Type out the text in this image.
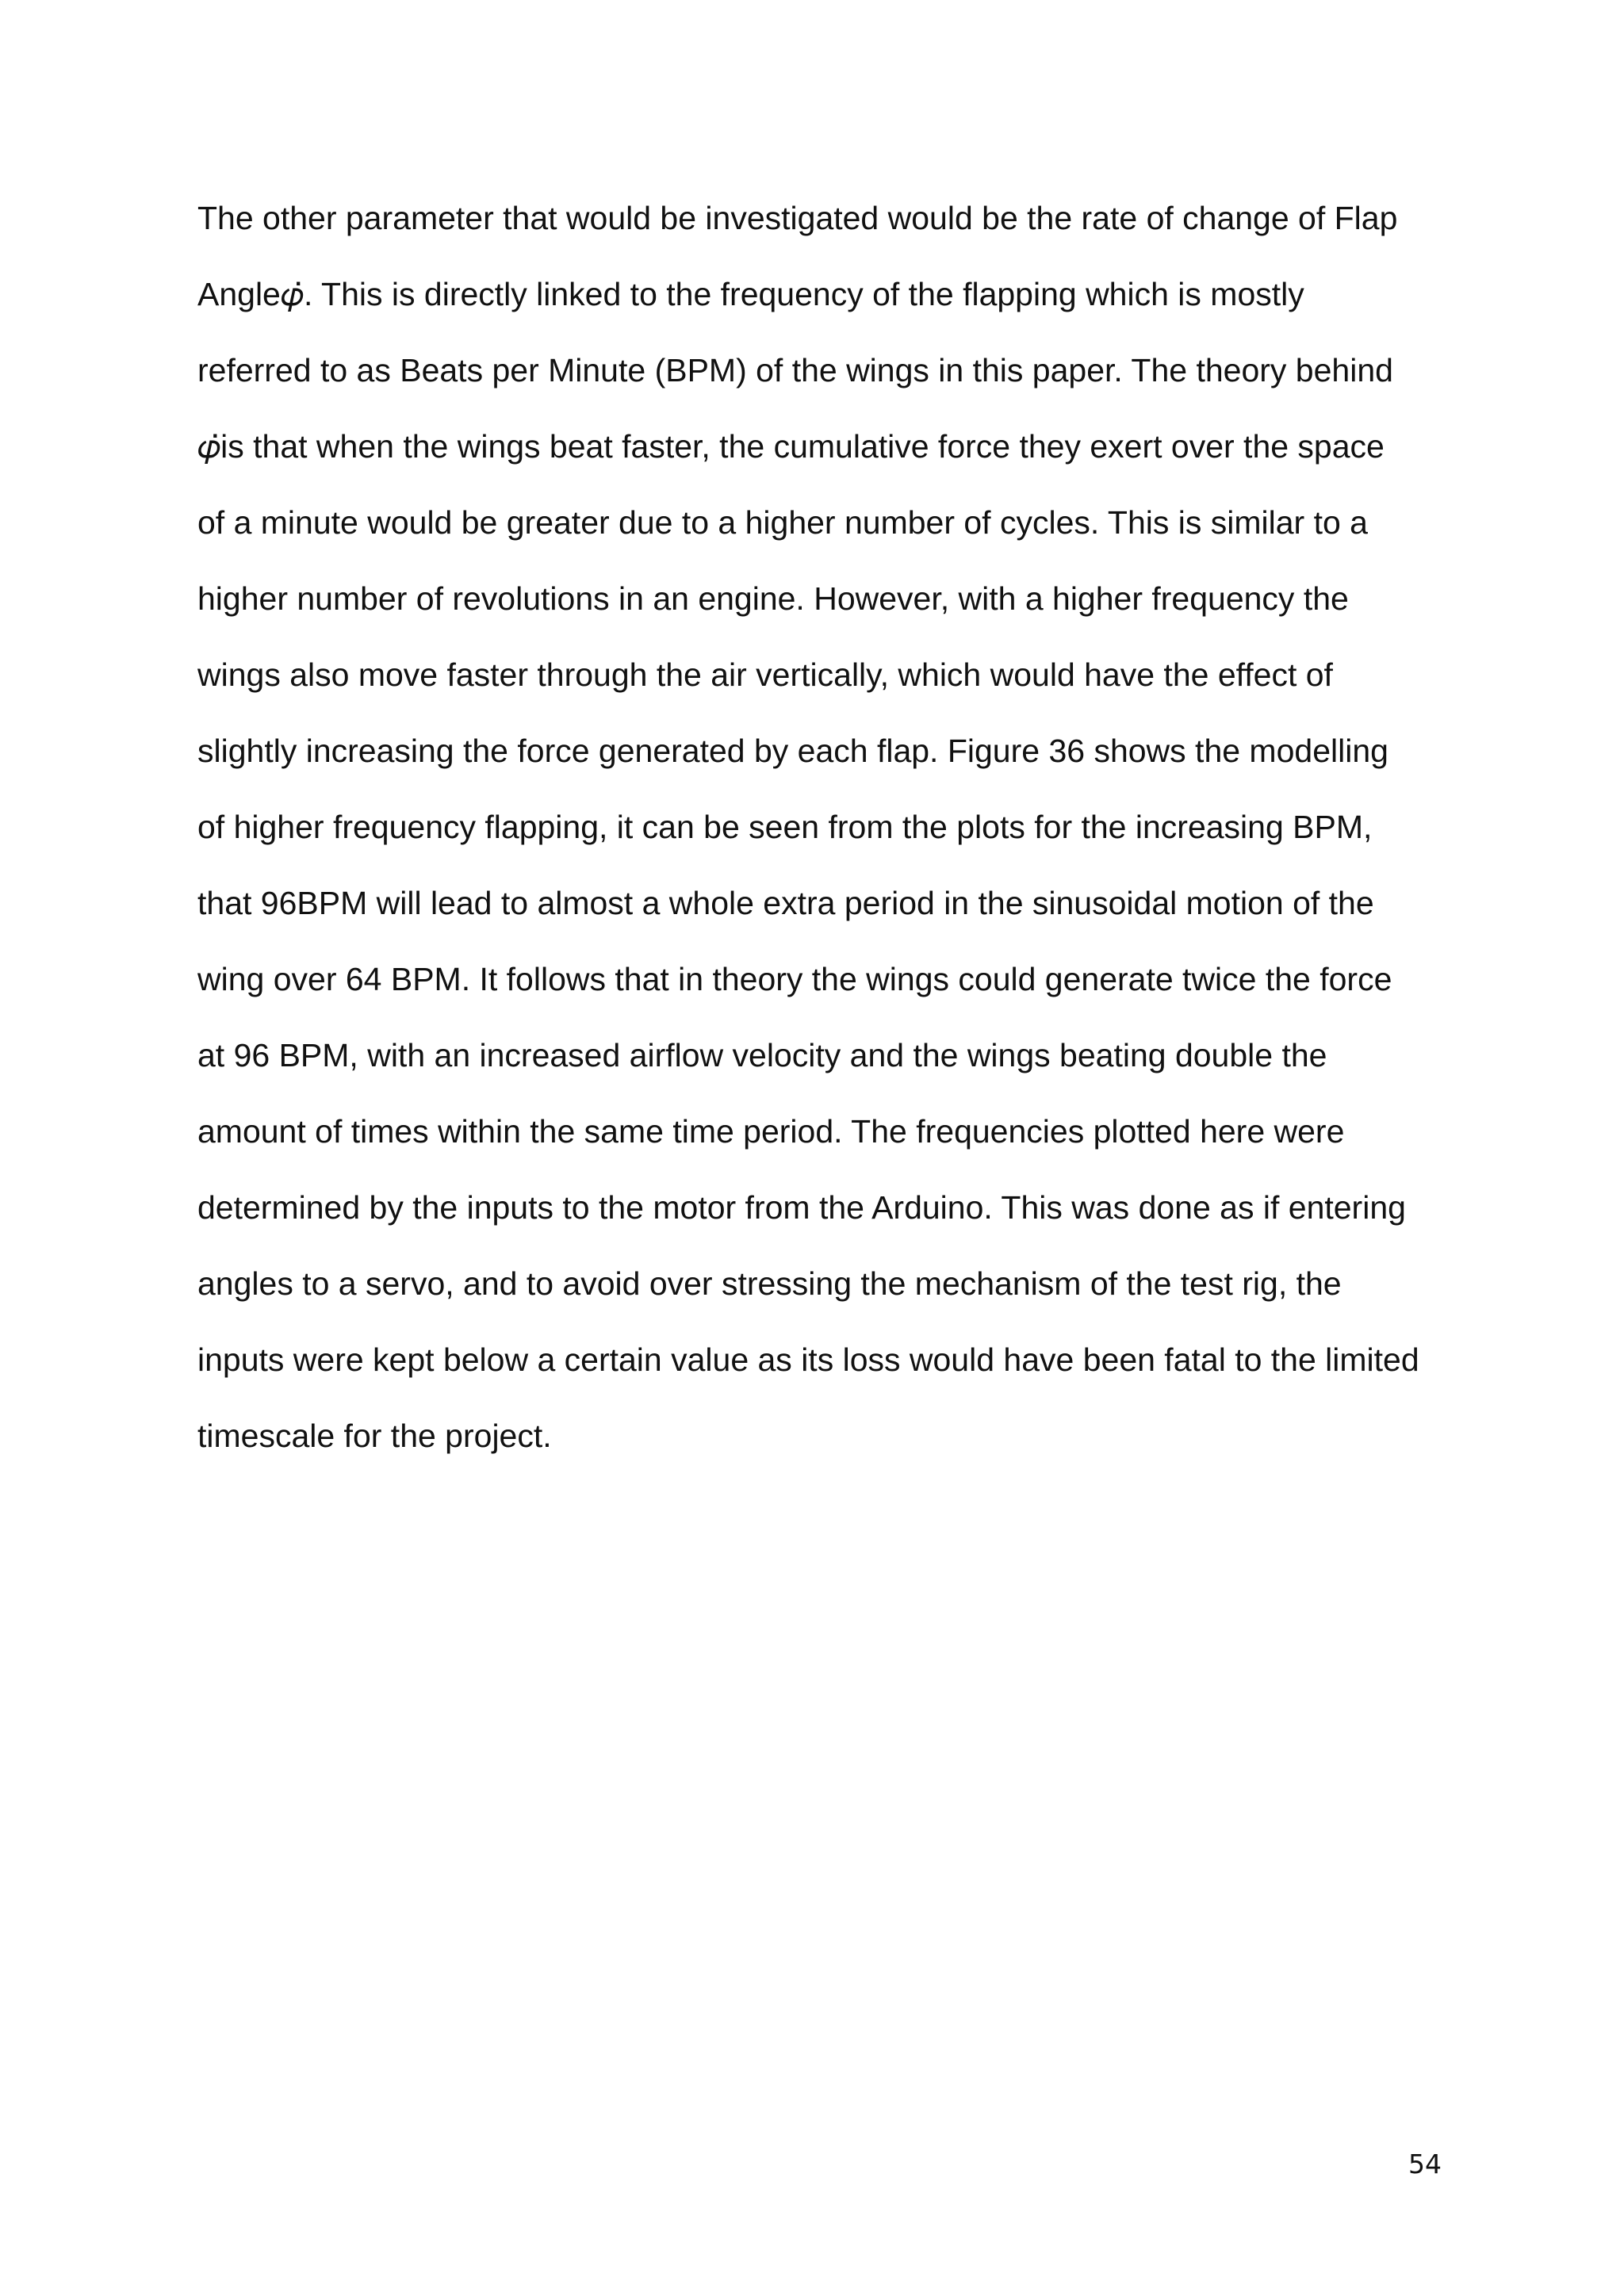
The other parameter that would be investigated would be the rate of change of Flap
Angle𝜑̇. This is directly linked to the frequency of the flapping which is mostly
referred to as Beats per Minute (BPM) of the wings in this paper. The theory behind
𝜑̇is that when the wings beat faster, the cumulative force they exert over the space
of a minute would be greater due to a higher number of cycles. This is similar to a
higher number of revolutions in an engine. However, with a higher frequency the
wings also move faster through the air vertically, which would have the effect of
slightly increasing the force generated by each flap. Figure 36 shows the modelling
of higher frequency flapping, it can be seen from the plots for the increasing BPM,
that 96BPM will lead to almost a whole extra period in the sinusoidal motion of the
wing over 64 BPM. It follows that in theory the wings could generate twice the force
at 96 BPM, with an increased airflow velocity and the wings beating double the
amount of times within the same time period. The frequencies plotted here were
determined by the inputs to the motor from the Arduino. This was done as if entering
angles to a servo, and to avoid over stressing the mechanism of the test rig, the
inputs were kept below a certain value as its loss would have been fatal to the limited
timescale for the project.
54
